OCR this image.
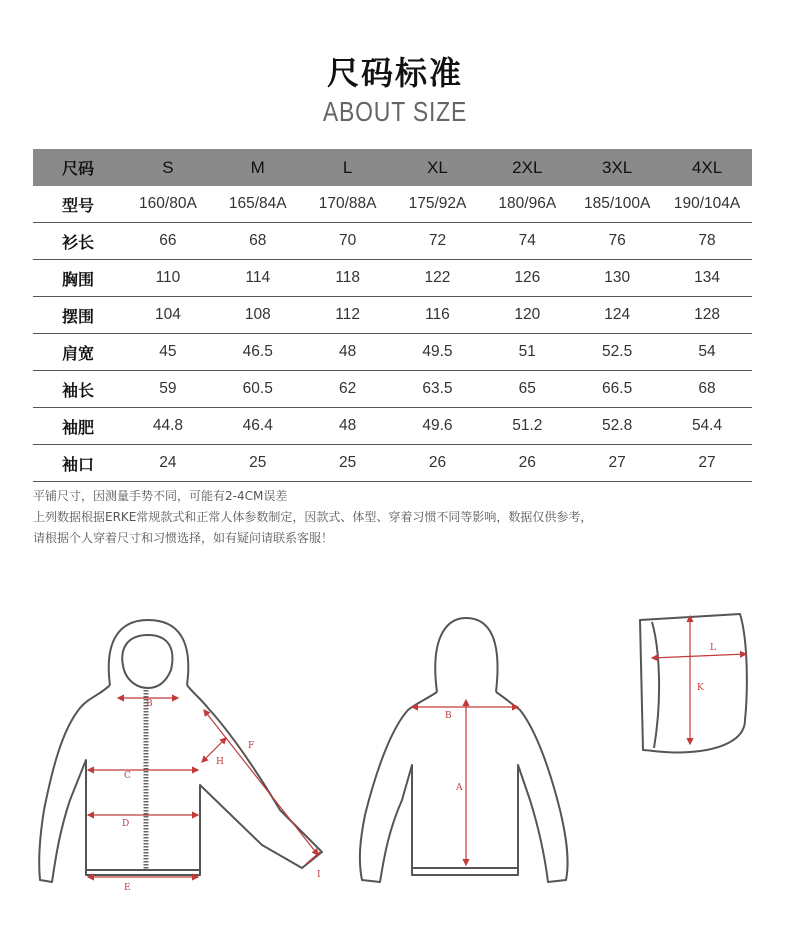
尺码标准
ABOUT SIZE
尺码	S	M	L	XL	2XL	3XL	4XL
型号	160/80A	165/84A	170/88A	175/92A	180/96A	185/100A	190/104A
衫长	66	68	70	72	74	76	78
胸围	110	114	118	122	126	130	134
摆围	104	108	112	116	120	124	128
肩宽	45	46.5	48	49.5	51	52.5	54
袖长	59	60.5	62	63.5	65	66.5	68
袖肥	44.8	46.4	48	49.6	51.2	52.8	54.4
袖口	24	25	25	26	26	27	27
平铺尺寸，因测量手势不同，可能有2-4CM误差
上列数据根据ERKE常规款式和正常人体参数制定，因款式、体型、穿着习惯不同等影响，数据仅供参考，
请根据个人穿着尺寸和习惯选择，如有疑问请联系客服！
B
C
D
E
F
H
I
B
A
L
K
